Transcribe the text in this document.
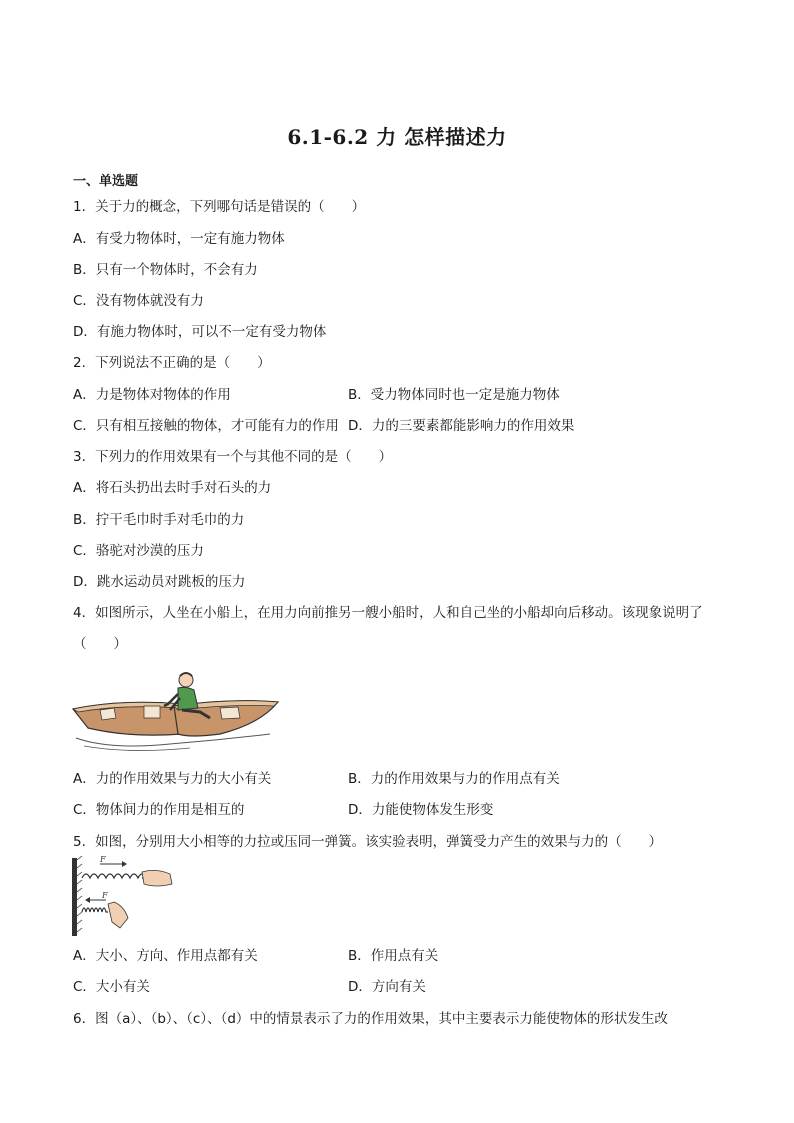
6.1-6.2 力 怎样描述力
一、单选题
1．关于力的概念，下列哪句话是错误的（　　）
A．有受力物体时，一定有施力物体
B．只有一个物体时，不会有力
C．没有物体就没有力
D．有施力物体时，可以不一定有受力物体
2．下列说法不正确的是（　　）
A．力是物体对物体的作用	B．受力物体同时也一定是施力物体
C．只有相互接触的物体，才可能有力的作用 D．力的三要素都能影响力的作用效果
3．下列力的作用效果有一个与其他不同的是（　　）
A．将石头扔出去时手对石头的力
B．拧干毛巾时手对毛巾的力
C．骆驼对沙漠的压力
D．跳水运动员对跳板的压力
4．如图所示，人坐在小船上，在用力向前推另一艘小船时，人和自己坐的小船却向后移动。该现象说明了
（　　）
A．力的作用效果与力的大小有关	B．力的作用效果与力的作用点有关
C．物体间力的作用是相互的	D．力能使物体发生形变
5．如图，分别用大小相等的力拉或压同一弹簧。该实验表明，弹簧受力产生的效果与力的（　　）
F
F
A．大小、方向、作用点都有关	B．作用点有关
C．大小有关	D．方向有关
6．图（a）、（b）、（c）、（d）中的情景表示了力的作用效果，其中主要表示力能使物体的形状发生改
